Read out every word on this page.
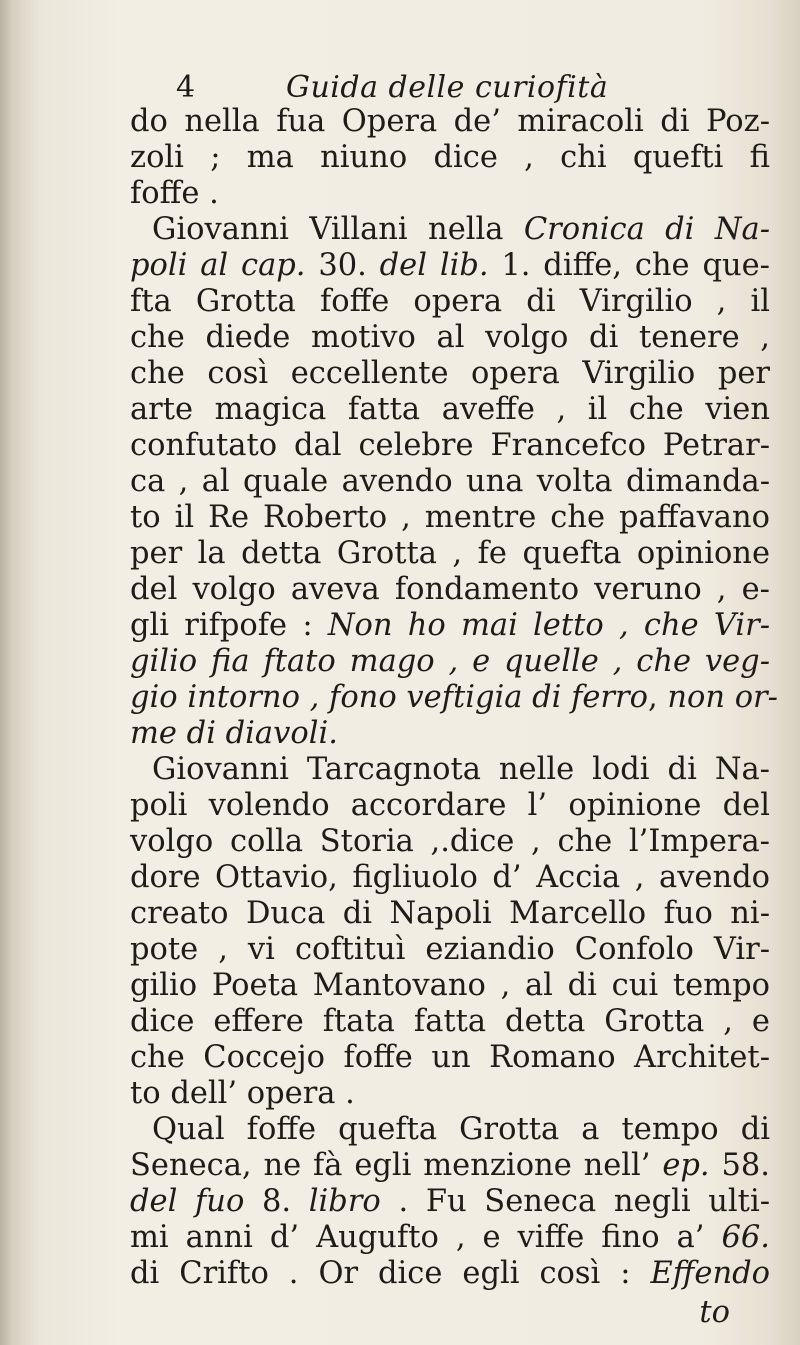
4	Guida delle curiofità
do nella fua Opera de’ miracoli di Poz-
zoli ; ma niuno dice , chi quefti fi
foffe .
Giovanni Villani nella Cronica di Na-
poli al cap. 30. del lib. 1. diffe, che que-
fta Grotta foffe opera di Virgilio , il
che diede motivo al volgo di tenere ,
che così eccellente opera Virgilio per
arte magica fatta aveffe , il che vien
confutato dal celebre Francefco Petrar-
ca , al quale avendo una volta dimanda-
to il Re Roberto , mentre che paffavano
per la detta Grotta , fe quefta opinione
del volgo aveva fondamento veruno , e-
gli rifpofe : Non ho mai letto , che Vir-
gilio fia ftato mago , e quelle , che veg-
gio intorno , fono veftigia di ferro, non or-
me di diavoli.
Giovanni Tarcagnota nelle lodi di Na-
poli volendo accordare l’ opinione del
volgo colla Storia ,.dice , che l’Impera-
dore Ottavio, figliuolo d’ Accia , avendo
creato Duca di Napoli Marcello fuo ni-
pote , vi coftituì eziandio Confolo Vir-
gilio Poeta Mantovano , al di cui tempo
dice effere ftata fatta detta Grotta , e
che Coccejo foffe un Romano Architet-
to dell’ opera .
Qual foffe quefta Grotta a tempo di
Seneca, ne fà egli menzione nell’ ep. 58.
del fuo 8. libro . Fu Seneca negli ulti-
mi anni d’ Augufto , e viffe fino a’ 66.
di Crifto . Or dice egli così : Effendo
to
